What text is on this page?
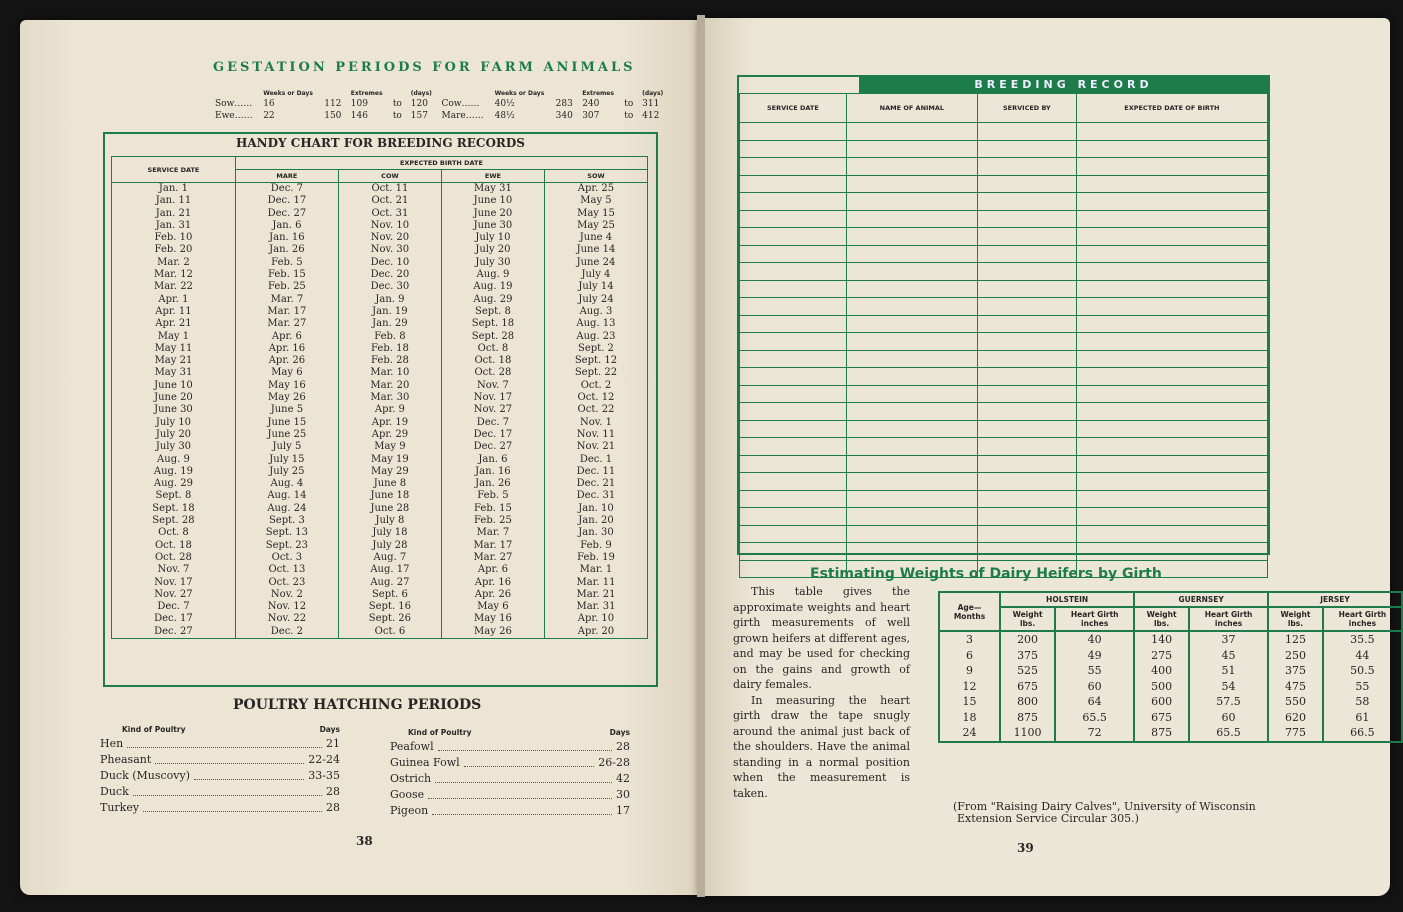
GESTATION PERIODS FOR FARM ANIMALS
	Weeks or Days		Extremes		(days)		Weeks or Days		Extremes		(days)
Sow……	16	112	109	to	120	Cow……	40½	283	240	to	311
Ewe……	22	150	146	to	157	Mare……	48½	340	307	to	412
HANDY CHART FOR BREEDING RECORDS
SERVICE DATE	EXPECTED BIRTH DATE			
	MARE	COW	EWE	SOW
Jan. 1	Dec. 7	Oct. 11	May 31	Apr. 25
Jan. 11	Dec. 17	Oct. 21	June 10	May 5
Jan. 21	Dec. 27	Oct. 31	June 20	May 15
Jan. 31	Jan. 6	Nov. 10	June 30	May 25
Feb. 10	Jan. 16	Nov. 20	July 10	June 4
Feb. 20	Jan. 26	Nov. 30	July 20	June 14
Mar. 2	Feb. 5	Dec. 10	July 30	June 24
Mar. 12	Feb. 15	Dec. 20	Aug. 9	July 4
Mar. 22	Feb. 25	Dec. 30	Aug. 19	July 14
Apr. 1	Mar. 7	Jan. 9	Aug. 29	July 24
Apr. 11	Mar. 17	Jan. 19	Sept. 8	Aug. 3
Apr. 21	Mar. 27	Jan. 29	Sept. 18	Aug. 13
May 1	Apr. 6	Feb. 8	Sept. 28	Aug. 23
May 11	Apr. 16	Feb. 18	Oct. 8	Sept. 2
May 21	Apr. 26	Feb. 28	Oct. 18	Sept. 12
May 31	May 6	Mar. 10	Oct. 28	Sept. 22
June 10	May 16	Mar. 20	Nov. 7	Oct. 2
June 20	May 26	Mar. 30	Nov. 17	Oct. 12
June 30	June 5	Apr. 9	Nov. 27	Oct. 22
July 10	June 15	Apr. 19	Dec. 7	Nov. 1
July 20	June 25	Apr. 29	Dec. 17	Nov. 11
July 30	July 5	May 9	Dec. 27	Nov. 21
Aug. 9	July 15	May 19	Jan. 6	Dec. 1
Aug. 19	July 25	May 29	Jan. 16	Dec. 11
Aug. 29	Aug. 4	June 8	Jan. 26	Dec. 21
Sept. 8	Aug. 14	June 18	Feb. 5	Dec. 31
Sept. 18	Aug. 24	June 28	Feb. 15	Jan. 10
Sept. 28	Sept. 3	July 8	Feb. 25	Jan. 20
Oct. 8	Sept. 13	July 18	Mar. 7	Jan. 30
Oct. 18	Sept. 23	July 28	Mar. 17	Feb. 9
Oct. 28	Oct. 3	Aug. 7	Mar. 27	Feb. 19
Nov. 7	Oct. 13	Aug. 17	Apr. 6	Mar. 1
Nov. 17	Oct. 23	Aug. 27	Apr. 16	Mar. 11
Nov. 27	Nov. 2	Sept. 6	Apr. 26	Mar. 21
Dec. 7	Nov. 12	Sept. 16	May 6	Mar. 31
Dec. 17	Nov. 22	Sept. 26	May 16	Apr. 10
Dec. 27	Dec. 2	Oct. 6	May 26	Apr. 20
POULTRY HATCHING PERIODS
Kind of Poultry	Days
Hen	21
Pheasant	22-24
Duck (Muscovy)	33-35
Duck	28
Turkey	28
Kind of Poultry	Days
Peafowl	28
Guinea Fowl	26-28
Ostrich	42
Goose	30
Pigeon	17
38
BREEDING RECORD
SERVICE DATE	NAME OF ANIMAL	SERVICED BY	EXPECTED DATE OF BIRTH

Estimating Weights of Dairy Heifers by Girth

This table gives the approximate weights and heart girth measurements of well grown heifers at different ages, and may be used for checking on the gains and growth of dairy females.

In measuring the heart girth draw the tape snugly around the animal just back of the shoulders. Have the animal standing in a normal position when the measurement is taken.

Age—Months	HOLSTEIN		GUERNSEY		JERSEY	
	Weight lbs.	Heart Girth inches	Weight lbs.	Heart Girth inches	Weight lbs.	Heart Girth inches
3	200	40	140	37	125	35.5
6	375	49	275	45	250	44
9	525	55	400	51	375	50.5
12	675	60	500	54	475	55
15	800	64	600	57.5	550	58
18	875	65.5	675	60	620	61
24	1100	72	875	65.5	775	66.5
(From "Raising Dairy Calves", University of Wisconsin
Extension Service Circular 305.)
39
